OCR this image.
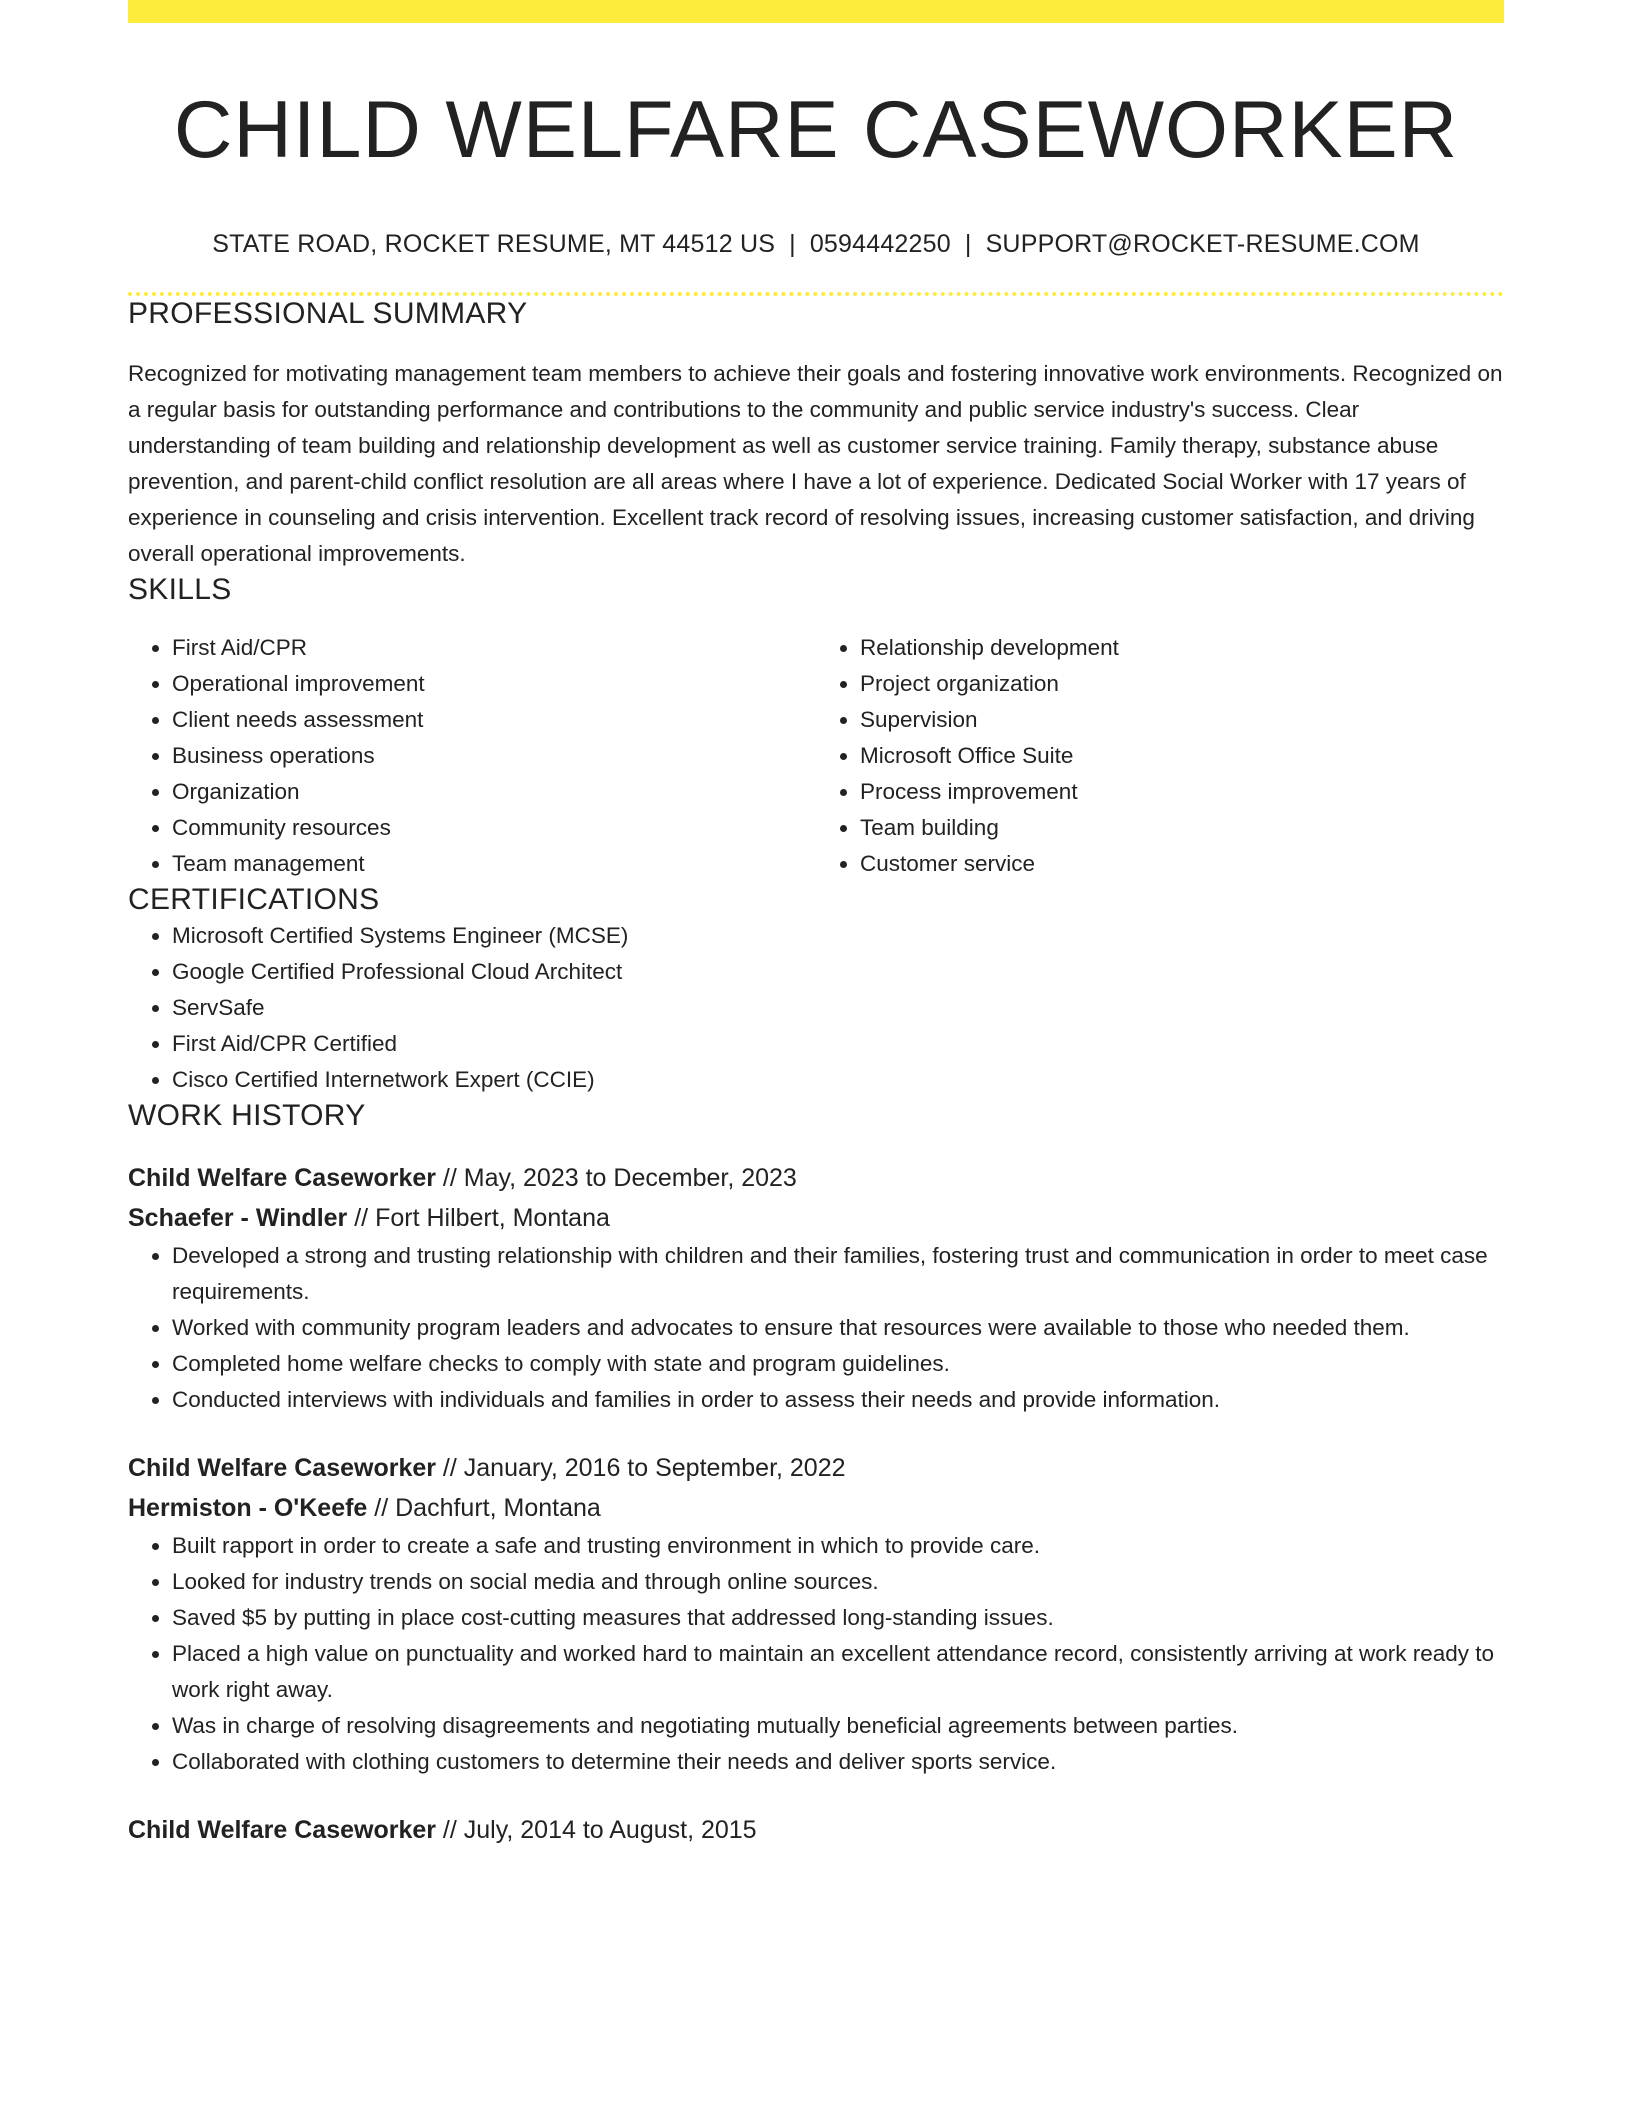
CHILD WELFARE CASEWORKER
STATE ROAD, ROCKET RESUME, MT 44512 US | 0594442250 | SUPPORT@ROCKET-RESUME.COM
PROFESSIONAL SUMMARY
Recognized for motivating management team members to achieve their goals and fostering innovative work environments. Recognized on a regular basis for outstanding performance and contributions to the community and public service industry's success. Clear understanding of team building and relationship development as well as customer service training. Family therapy, substance abuse prevention, and parent-child conflict resolution are all areas where I have a lot of experience. Dedicated Social Worker with 17 years of experience in counseling and crisis intervention. Excellent track record of resolving issues, increasing customer satisfaction, and driving overall operational improvements.
SKILLS
• First Aid/CPR
• Operational improvement
• Client needs assessment
• Business operations
• Organization
• Community resources
• Team management
• Relationship development
• Project organization
• Supervision
• Microsoft Office Suite
• Process improvement
• Team building
• Customer service
CERTIFICATIONS
• Microsoft Certified Systems Engineer (MCSE)
• Google Certified Professional Cloud Architect
• ServSafe
• First Aid/CPR Certified
• Cisco Certified Internetwork Expert (CCIE)
WORK HISTORY
Child Welfare Caseworker // May, 2023 to December, 2023
Schaefer - Windler // Fort Hilbert, Montana
• Developed a strong and trusting relationship with children and their families, fostering trust and communication in order to meet case requirements.
• Worked with community program leaders and advocates to ensure that resources were available to those who needed them.
• Completed home welfare checks to comply with state and program guidelines.
• Conducted interviews with individuals and families in order to assess their needs and provide information.
Child Welfare Caseworker // January, 2016 to September, 2022
Hermiston - O'Keefe // Dachfurt, Montana
• Built rapport in order to create a safe and trusting environment in which to provide care.
• Looked for industry trends on social media and through online sources.
• Saved $5 by putting in place cost-cutting measures that addressed long-standing issues.
• Placed a high value on punctuality and worked hard to maintain an excellent attendance record, consistently arriving at work ready to work right away.
• Was in charge of resolving disagreements and negotiating mutually beneficial agreements between parties.
• Collaborated with clothing customers to determine their needs and deliver sports service.
Child Welfare Caseworker // July, 2014 to August, 2015
